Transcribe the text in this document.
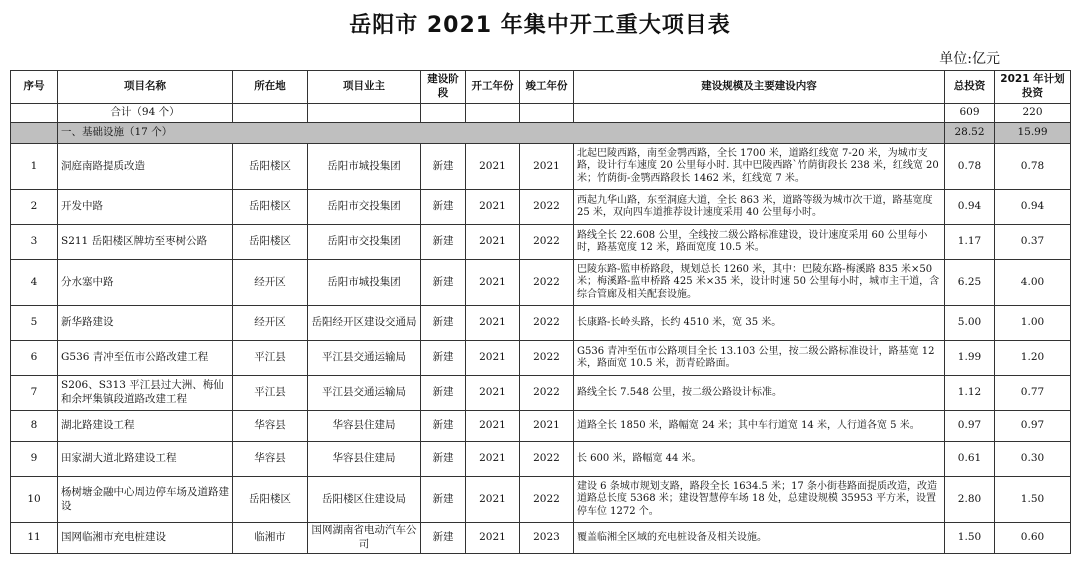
岳阳市 2021 年集中开工重大项目表
单位:亿元
序号	项目名称	所在地	项目业主	建设阶段	开工年份	竣工年份	建设规模及主要建设内容	总投资	2021 年计划投资
	合计（94 个）							609	220
	一、基础设施（17 个）							28.52	15.99
1	洞庭南路提质改造	岳阳楼区	岳阳市城投集团	新建	2021	2021	北起巴陵西路，南至金鹗西路，全长 1700 米，道路红线宽 7-20 米，为城市支路，设计行车速度 20 公里每小时. 其中巴陵西路`竹荫街段长 238 米，红线宽 20 米；竹荫街-金鹗西路段长 1462 米，红线宽 7 米。	0.78	0.78
2	开发中路	岳阳楼区	岳阳市交投集团	新建	2021	2022	西起九华山路，东至洞庭大道，全长 863 米，道路等级为城市次干道，路基宽度 25 米，双向四车道推荐设计速度采用 40 公里每小时。	0.94	0.94
3	S211 岳阳楼区牌坊至枣树公路	岳阳楼区	岳阳市交投集团	新建	2021	2022	路线全长 22.608 公里，全线按二级公路标准建设，设计速度采用 60 公里每小时，路基宽度 12 米，路面宽度 10.5 米。	1.17	0.37
4	分水塞中路	经开区	岳阳市城投集团	新建	2021	2022	巴陵东路-監申桥路段，规划总长 1260 米，其中：巴陵东路-梅溪路 835 米×50 米；梅溪路-监申桥路 425 米×35 米，设计时速 50 公里每小时，城市主干道，含综合管廊及相关配套设施。	6.25	4.00
5	新华路建设	经开区	岳阳经开区建设交通局	新建	2021	2022	长康路-长岭头路，长约 4510 米，宽 35 米。	5.00	1.00
6	G536 青冲至伍市公路改建工程	平江县	平江县交通运输局	新建	2021	2022	G536 青冲至伍市公路项目全长 13.103 公里，按二级公路标准设计，路基宽 12 米，路面宽 10.5 米，沥青砼路面。	1.99	1.20
7	S206、S313 平江县过大洲、梅仙和余坪集镇段道路改建工程	平江县	平江县交通运输局	新建	2021	2022	路线全长 7.548 公里，按二级公路设计标准。	1.12	0.77
8	湖北路建设工程	华容县	华容县住建局	新建	2021	2021	道路全长 1850 米，路幅宽 24 米；其中车行道宽 14 米，人行道各宽 5 米。	0.97	0.97
9	田家湖大道北路建设工程	华容县	华容县住建局	新建	2021	2022	长 600 米，路幅宽 44 米。	0.61	0.30
10	杨树塘金融中心周边停车场及道路建设	岳阳楼区	岳阳楼区住建设局	新建	2021	2022	建设 6 条城市规划支路，路段全长 1634.5 米；17 条小街巷路面提质改造，改造道路总长度 5368 米；建设智慧停车场 18 处，总建设规模 35953 平方米，设置停车位 1272 个。	2.80	1.50
11	国网临湘市充电桩建设	临湘市	国网湖南省电动汽车公司	新建	2021	2023	覆盖临湘全区域的充电桩设备及相关设施。	1.50	0.60
